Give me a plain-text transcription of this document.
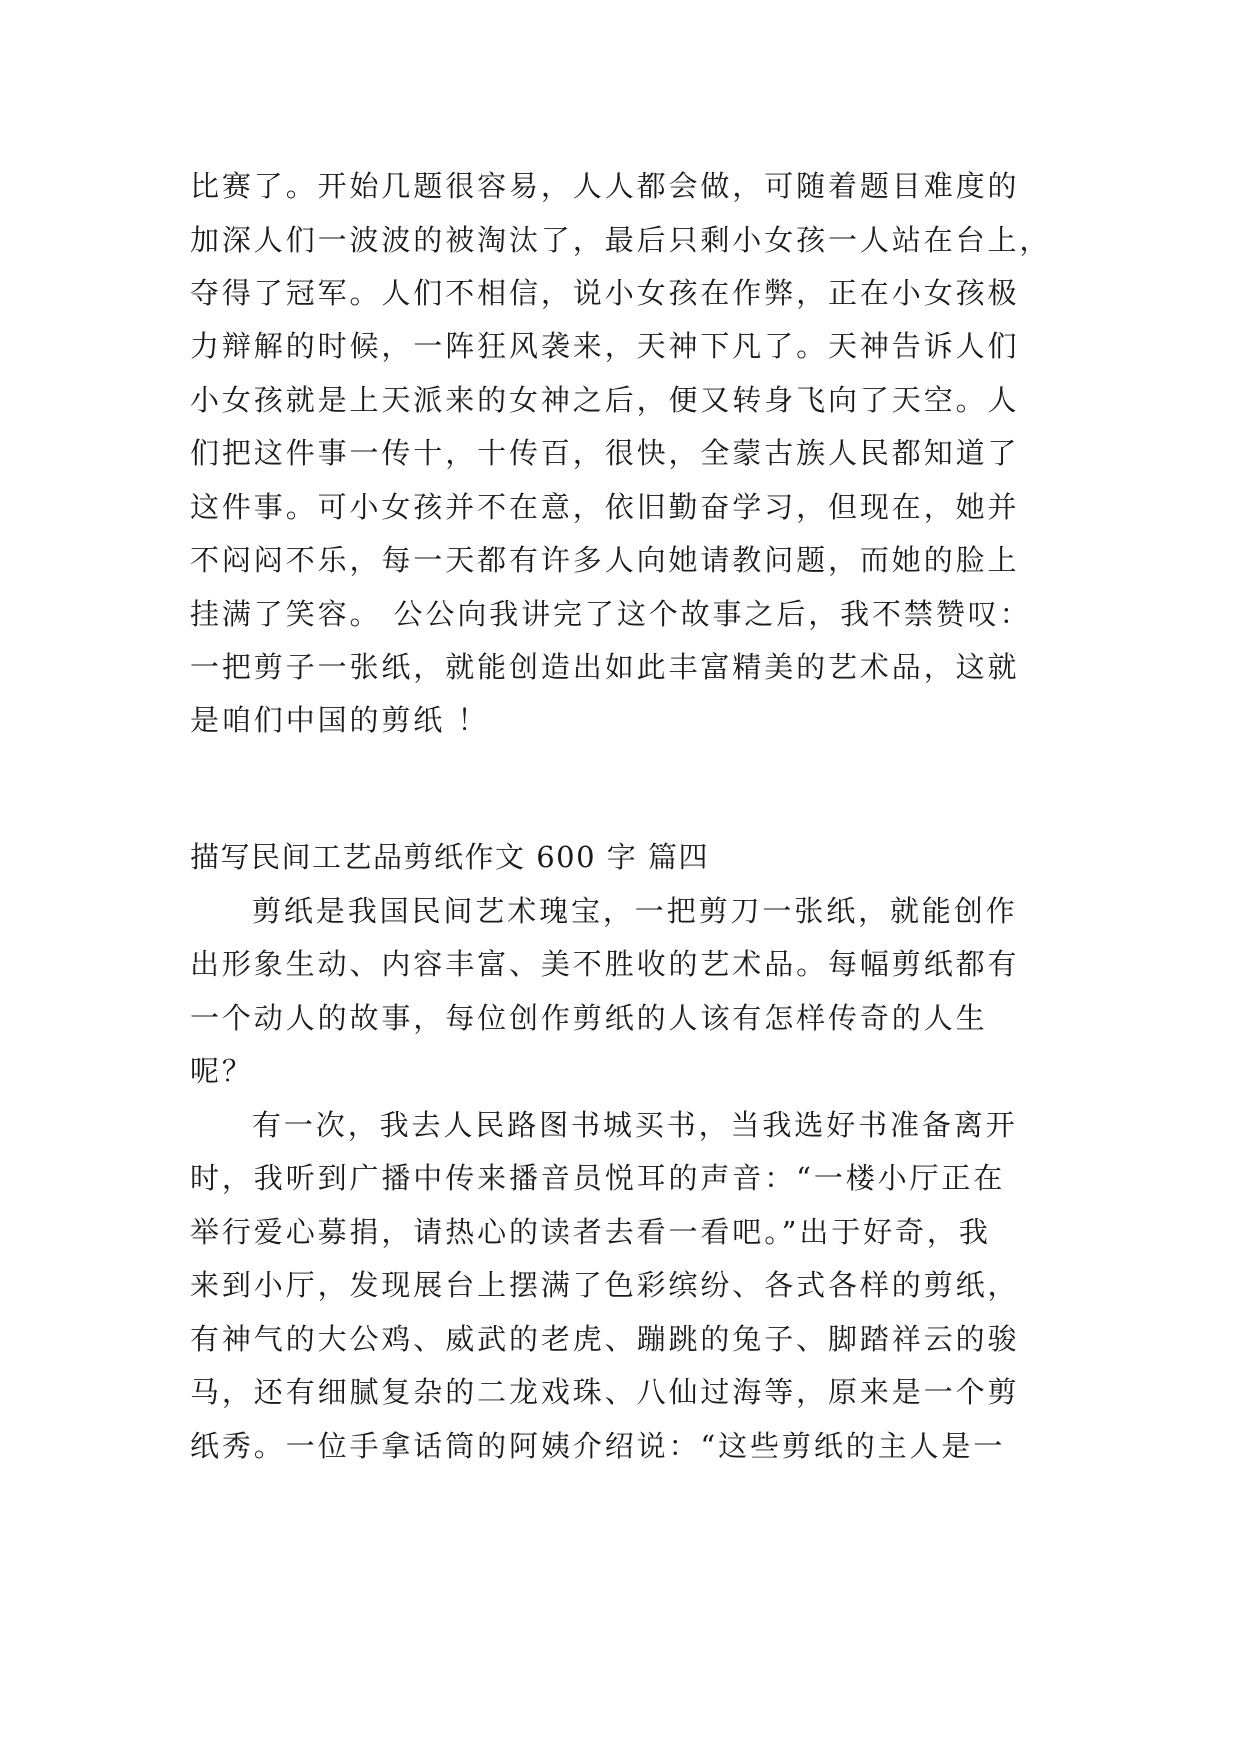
比赛了。开始几题很容易，人人都会做，可随着题目难度的

加深人们一波波的被淘汰了，最后只剩小女孩一人站在台上，

夺得了冠军。人们不相信，说小女孩在作弊，正在小女孩极

力辩解的时候，一阵狂风袭来，天神下凡了。天神告诉人们

小女孩就是上天派来的女神之后，便又转身飞向了天空。人

们把这件事一传十，十传百，很快，全蒙古族人民都知道了

这件事。可小女孩并不在意，依旧勤奋学习，但现在，她并

不闷闷不乐，每一天都有许多人向她请教问题，而她的脸上

挂满了笑容。 公公向我讲完了这个故事之后，我不禁赞叹：

一把剪子一张纸，就能创造出如此丰富精美的艺术品，这就

是咱们中国的剪纸 ！

描写民间工艺品剪纸作文 600 字 篇四

剪纸是我国民间艺术瑰宝，一把剪刀一张纸，就能创作

出形象生动、内容丰富、美不胜收的艺术品。每幅剪纸都有

一个动人的故事，每位创作剪纸的人该有怎样传奇的人生

呢？

有一次，我去人民路图书城买书，当我选好书准备离开

时，我听到广播中传来播音员悦耳的声音：“一楼小厅正在

举行爱心募捐，请热心的读者去看一看吧。”出于好奇，我

来到小厅，发现展台上摆满了色彩缤纷、各式各样的剪纸，

有神气的大公鸡、威武的老虎、蹦跳的兔子、脚踏祥云的骏

马，还有细腻复杂的二龙戏珠、八仙过海等，原来是一个剪

纸秀。一位手拿话筒的阿姨介绍说：“这些剪纸的主人是一
